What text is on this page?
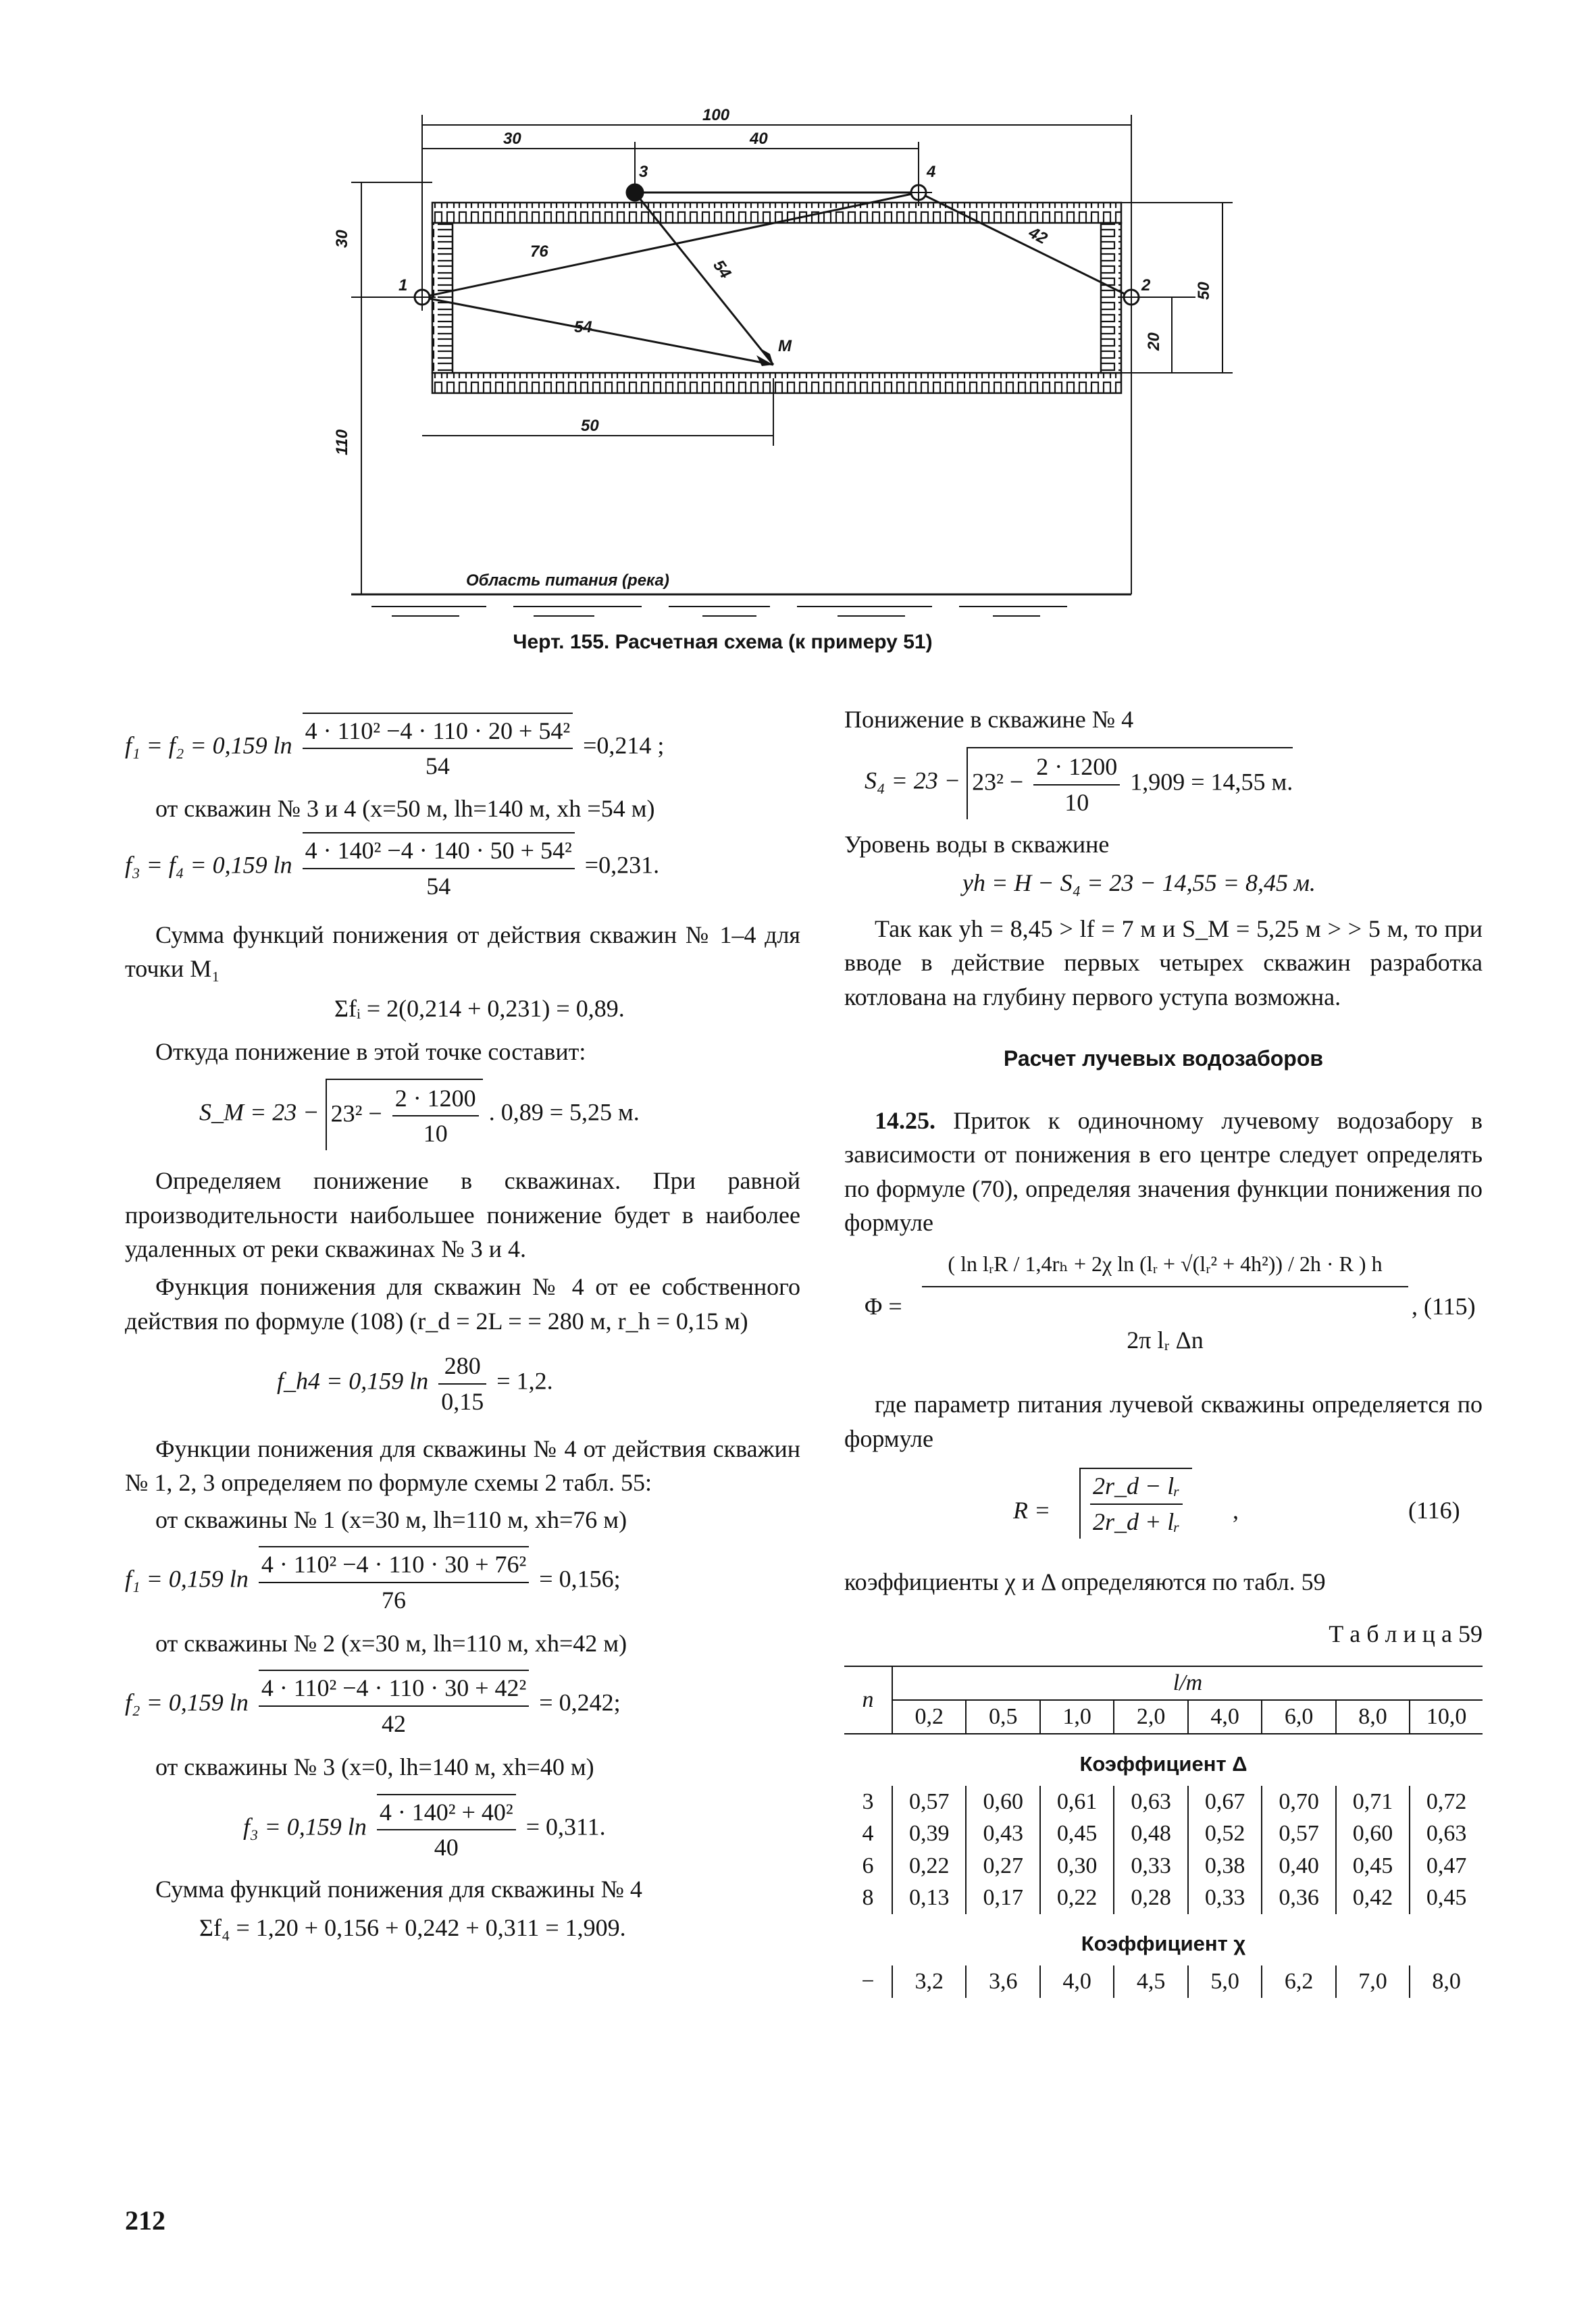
100
30	40
30
110
50
20
50
76
54
54
42
1	2
3	4
M
Область питания (река)
Черт. 155. Расчетная схема (к примеру 51)
f₁ = f₂ = 0,159 $\ln \frac{\text{4 · 110² −4 · 110 · 20 + 54²}}{54} =0,214$ ;
от скважин № 3 и 4 (x=50 м, lh=140 м, xh =54 м)
f₃ = f₄ = 0,159 $\ln \frac{\text{4 · 140² −4 · 140 · 50 + 54²}}{54} =0,231$.
Сумма функций понижения от действия скважин № 1–4 для точки M₁
Σfᵢ = 2(0,214 + 0,231) = 0,89.
Откуда понижение в этой точке составит:
S_M = $23 - 23^2 - \frac{2 \cdot 1200}{10}$ . 0,89 = 5,25 м.
Определяем понижение в скважинах. При равной производительности наибольшее понижение будет в наиболее удаленных от реки скважинах № 3 и 4.
Функция понижения для скважин № 4 от ее собственного действия по формуле (108) (r_d = 2L = = 280 м, r_h = 0,15 м)
f_h4 = 0,159 $\ln \frac{280}{0,15} = 1,2$.
Функции понижения для скважины № 4 от действия скважин № 1, 2, 3 определяем по формуле схемы 2 табл. 55:
от скважины № 1 (x=30 м, lh=110 м, xh=76 м)
f₁ = 0,159 $\ln \frac{\text{4 · 110² −4 · 110 · 30 + 76²}}{76} = 0,156$;
от скважины № 2 (x=30 м, lh=110 м, xh=42 м)
f₂ = 0,159 $\ln \frac{\text{4 · 110² −4 · 110 · 30 + 42²}}{42} = 0,242$;
от скважины № 3 (x=0, lh=140 м, xh=40 м)
f₃ = 0,159 $\ln \frac{\text{4 · 140² + 40²}}{40} = 0,311$.
Сумма функций понижения для скважины № 4
Σf₄ = 1,20 + 0,156 + 0,242 + 0,311 = 1,909.
212
Понижение в скважине № 4
$S_4 = 23 - 23^2 - \frac{2 \cdot 1200}{10} 1,909 = 14,55$ м.
Уровень воды в скважине
yh = H − S₄ = 23 − 14,55 = 8,45 м.
Так как yh = 8,45 > lf = 7 м и S_M = 5,25 м > > 5 м, то при вводе в действие первых четырех скважин разработка котлована на глубину первого уступа возможна.
Расчет лучевых водозаборов
14.25. Приток к одиночному лучевому водозабору в зависимости от понижения в его центре следует определять по формуле (70), определяя значения функции понижения по формуле
Φ =
( ln lᵣR / 1,4rₕ + 2χ ln (lᵣ + √(lᵣ² + 4h²)) / 2h · R ) h
2π lᵣ Δn
, (115)
где параметр питания лучевой скважины определяется по формуле
$R = \frac{\text{2r\_d − lᵣ}}{\text{2r\_d + lᵣ}}$ ,	(116)
коэффициенты χ и Δ определяются по табл. 59
Т а б л и ц а 59
n	l/m							
	0,2	0,5	1,0	2,0	4,0	6,0	8,0	10,0
Коэффициент Δ								
3	0,57	0,60	0,61	0,63	0,67	0,70	0,71	0,72
4	0,39	0,43	0,45	0,48	0,52	0,57	0,60	0,63
6	0,22	0,27	0,30	0,33	0,38	0,40	0,45	0,47
8	0,13	0,17	0,22	0,28	0,33	0,36	0,42	0,45
Коэффициент χ								
−	3,2	3,6	4,0	4,5	5,0	6,2	7,0	8,0
